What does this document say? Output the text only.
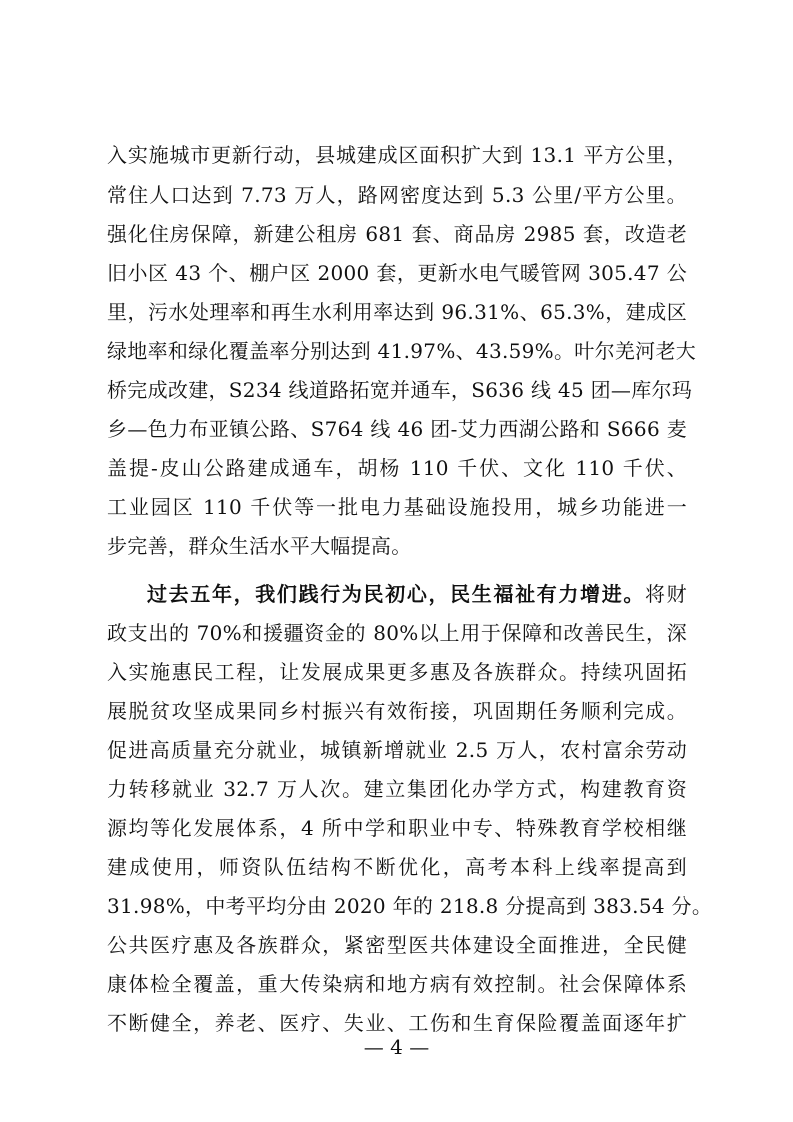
入实施城市更新行动，县城建成区面积扩大到 13.1 平方公里，
常住人口达到 7.73 万人，路网密度达到 5.3 公里/平方公里。
强化住房保障，新建公租房 681 套、商品房 2985 套，改造老
旧小区 43 个、棚户区 2000 套，更新水电气暖管网 305.47 公
里，污水处理率和再生水利用率达到 96.31%、65.3%，建成区
绿地率和绿化覆盖率分别达到 41.97%、43.59%。叶尔羌河老大
桥完成改建，S234 线道路拓宽并通车，S636 线 45 团—库尔玛
乡—色力布亚镇公路、S764 线 46 团-艾力西湖公路和 S666 麦
盖提-皮山公路建成通车，胡杨 110 千伏、文化 110 千伏、
工业园区 110 千伏等一批电力基础设施投用，城乡功能进一
步完善，群众生活水平大幅提高。
过去五年，我们践行为民初心，民生福祉有力增进。将财
政支出的 70%和援疆资金的 80%以上用于保障和改善民生，深
入实施惠民工程，让发展成果更多惠及各族群众。持续巩固拓
展脱贫攻坚成果同乡村振兴有效衔接，巩固期任务顺利完成。
促进高质量充分就业，城镇新增就业 2.5 万人，农村富余劳动
力转移就业 32.7 万人次。建立集团化办学方式，构建教育资
源均等化发展体系，4 所中学和职业中专、特殊教育学校相继
建成使用，师资队伍结构不断优化，高考本科上线率提高到
31.98%，中考平均分由 2020 年的 218.8 分提高到 383.54 分。
公共医疗惠及各族群众，紧密型医共体建设全面推进，全民健
康体检全覆盖，重大传染病和地方病有效控制。社会保障体系
不断健全，养老、医疗、失业、工伤和生育保险覆盖面逐年扩
— 4 —
